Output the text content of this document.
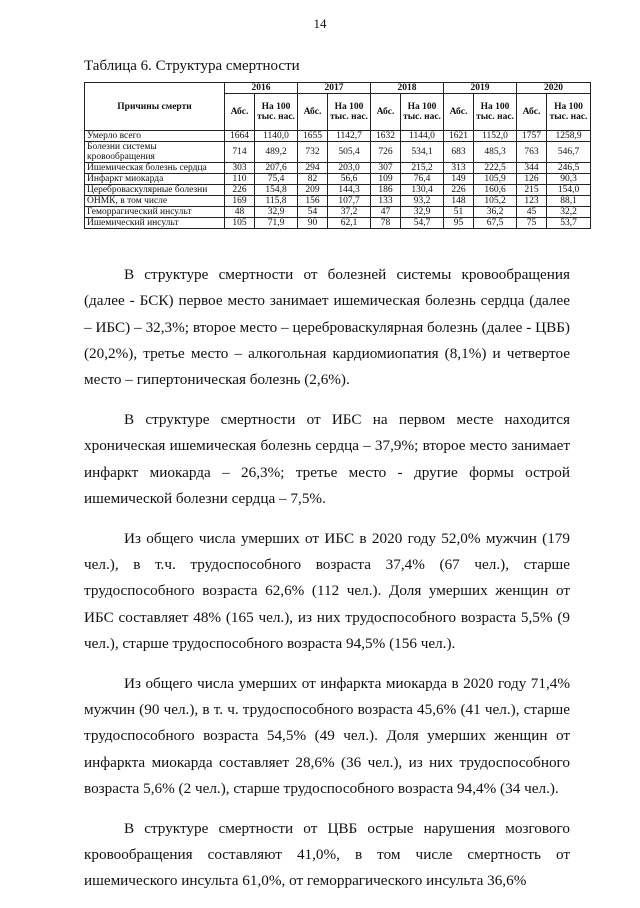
14
Таблица 6. Структура смертности
Причины смерти	2016		2017		2018		2019		2020	
	Абс.	На 100 тыс. нас.	Абс.	На 100 тыс. нас.	Абс.	На 100 тыс. нас.	Абс.	На 100 тыс. нас.	Абс.	На 100 тыс. нас.
Умерло всего	1664	1140,0	1655	1142,7	1632	1144,0	1621	1152,0	1757	1258,9
Болезни системы кровообращения	714	489,2	732	505,4	726	534,1	683	485,3	763	546,7
Ишемическая болезнь сердца	303	207,6	294	203,0	307	215,2	313	222,5	344	246,5
Инфаркт миокарда	110	75,4	82	56,6	109	76,4	149	105,9	126	90,3
Цереброваскулярные болезни	226	154,8	209	144,3	186	130,4	226	160,6	215	154,0
ОНМК, в том числе	169	115,8	156	107,7	133	93,2	148	105,2	123	88,1
Геморрагический инсульт	48	32,9	54	37,2	47	32,9	51	36,2	45	32,2
Ишемический инсульт	105	71,9	90	62,1	78	54,7	95	67,5	75	53,7

В структуре смертности от болезней системы кровообращения (далее - БСК) первое место занимает ишемическая болезнь сердца (далее – ИБС) – 32,3%; второе место – цереброваскулярная болезнь (далее - ЦВБ) (20,2%), третье место – алкогольная кардиомиопатия (8,1%) и четвертое место – гипертоническая болезнь (2,6%).

В структуре смертности от ИБС на первом месте находится хроническая ишемическая болезнь сердца – 37,9%; второе место занимает инфаркт миокарда – 26,3%; третье место - другие формы острой ишемической болезни сердца – 7,5%.

Из общего числа умерших от ИБС в 2020 году 52,0% мужчин (179 чел.), в т.ч. трудоспособного возраста 37,4% (67 чел.), старше трудоспособного возраста 62,6% (112 чел.). Доля умерших женщин от ИБС составляет 48% (165 чел.), из них трудоспособного возраста 5,5% (9 чел.), старше трудоспособного возраста 94,5% (156 чел.).

Из общего числа умерших от инфаркта миокарда в 2020 году 71,4% мужчин (90 чел.), в т. ч. трудоспособного возраста 45,6% (41 чел.), старше трудоспособного возраста 54,5% (49 чел.). Доля умерших женщин от инфаркта миокарда составляет 28,6% (36 чел.), из них трудоспособного возраста 5,6% (2 чел.), старше трудоспособного возраста 94,4% (34 чел.).

В структуре смертности от ЦВБ острые нарушения мозгового кровообращения составляют 41,0%, в том числе смертность от ишемического инсульта 61,0%, от геморрагического инсульта 36,6%
